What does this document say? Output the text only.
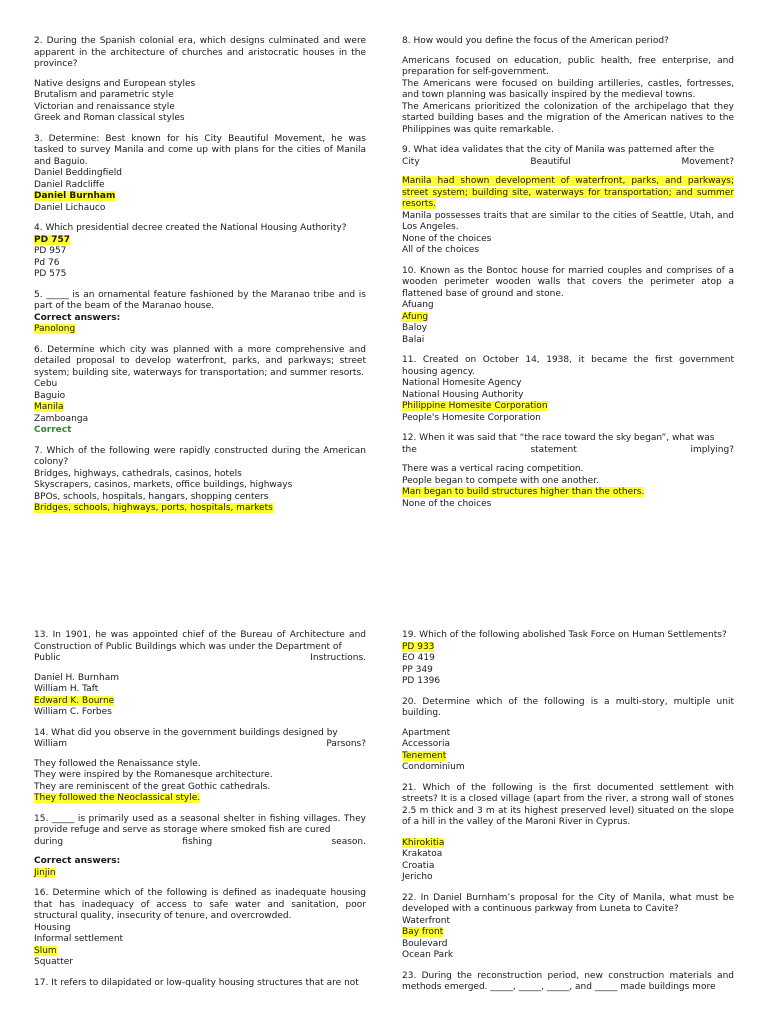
2. During the Spanish colonial era, which designs culminated and were apparent in the architecture of churches and aristocratic houses in the province?

Native designs and European styles

Brutalism and parametric style

Victorian and renaissance style

Greek and Roman classical styles

3. Determine: Best known for his City Beautiful Movement, he was tasked to survey Manila and come up with plans for the cities of Manila and Baguio.

Daniel Beddingfield

Daniel Radcliffe

Daniel Burnham

Daniel Lichauco

4. Which presidential decree created the National Housing Authority?

PD 757

PD 957

Pd 76

PD 575

5. _____ is an ornamental feature fashioned by the Maranao tribe and is part of the beam of the Maranao house.

Correct answers:

Panolong

6. Determine which city was planned with a more comprehensive and detailed proposal to develop waterfront, parks, and parkways; street system; building site, waterways for transportation; and summer resorts.

Cebu

Baguio

Manila

Zamboanga

Correct

7. Which of the following were rapidly constructed during the American colony?

Bridges, highways, cathedrals, casinos, hotels

Skyscrapers, casinos, markets, office buildings, highways

BPOs, schools, hospitals, hangars, shopping centers

Bridges, schools, highways, ports, hospitals, markets

8. How would you define the focus of the American period?

Americans focused on education, public health, free enterprise, and preparation for self-government.

The Americans were focused on building artilleries, castles, fortresses, and town planning was basically inspired by the medieval towns.

The Americans prioritized the colonization of the archipelago that they started building bases and the migration of the American natives to the Philippines was quite remarkable.

9. What idea validates that the city of Manila was patterned after the

City Beautiful Movement?

Manila had shown development of waterfront, parks, and parkways; street system; building site, waterways for transportation; and summer resorts.

Manila possesses traits that are similar to the cities of Seattle, Utah, and Los Angeles.

None of the choices

All of the choices

10. Known as the Bontoc house for married couples and comprises of a wooden perimeter wooden walls that covers the perimeter atop a flattened base of ground and stone.

Afuang

Afung

Baloy

Balai

11. Created on October 14, 1938, it became the first government housing agency.

National Homesite Agency

National Housing Authority

Philippine Homesite Corporation

People's Homesite Corporation

12. When it was said that “the race toward the sky began”, what was

the statement implying?

There was a vertical racing competition.

People began to compete with one another.

Man began to build structures higher than the others.

None of the choices

13. In 1901, he was appointed chief of the Bureau of Architecture and Construction of Public Buildings which was under the Department of

Public Instructions.

Daniel H. Burnham

William H. Taft

Edward K. Bourne

William C. Forbes

14. What did you observe in the government buildings designed by

William Parsons?

They followed the Renaissance style.

They were inspired by the Romanesque architecture.

They are reminiscent of the great Gothic cathedrals.

They followed the Neoclassical style.

15. _____ is primarily used as a seasonal shelter in fishing villages. They provide refuge and serve as storage where smoked fish are cured

during fishing season.

Correct answers:

Jinjin

16. Determine which of the following is defined as inadequate housing that has inadequacy of access to safe water and sanitation, poor structural quality, insecurity of tenure, and overcrowded.

Housing

Informal settlement

Slum

Squatter

17. It refers to dilapidated or low-quality housing structures that are not

19. Which of the following abolished Task Force on Human Settlements?

PD 933

EO 419

PP 349

PD 1396

20. Determine which of the following is a multi-story, multiple unit building.

Apartment

Accessoria

Tenement

Condominium

21. Which of the following is the first documented settlement with streets? It is a closed village (apart from the river, a strong wall of stones 2.5 m thick and 3 m at its highest preserved level) situated on the slope of a hill in the valley of the Maroni River in Cyprus.

Khirokitia

Krakatoa

Croatia

Jericho

22. In Daniel Burnham’s proposal for the City of Manila, what must be developed with a continuous parkway from Luneta to Cavite?

Waterfront

Bay front

Boulevard

Ocean Park

23. During the reconstruction period, new construction materials and methods emerged. _____, _____, _____, and _____ made buildings more
